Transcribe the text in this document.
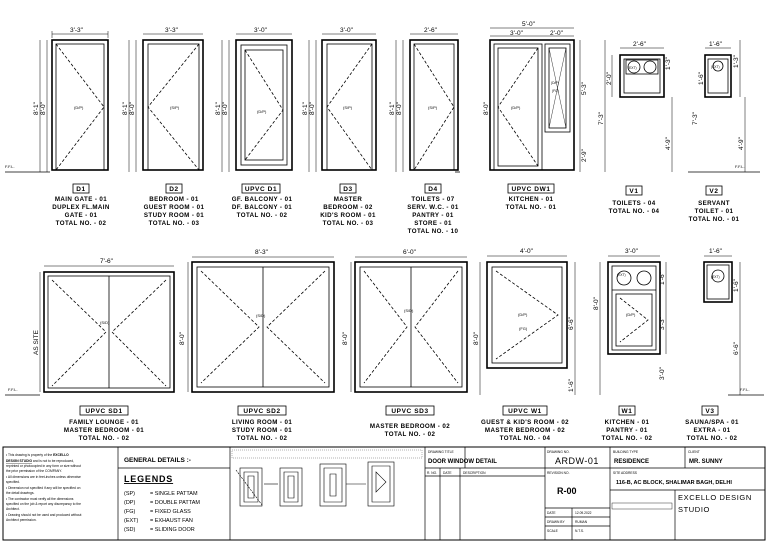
F.F.L.	F.F.L.
3'-3"	3'-3"	3'-0"	3'-0"	2'-6"
5'-0"
3'-0"	2'-0"
2'-6"	1'-6"
8'-0"
8'-1"	8'-0"
8'-1"	8'-0"
8'-1"	8'-0"
8'-1"	8'-0"
8'-1"	8'-0"
5'-3"
2'-9"
2'-0"
7'-3"
1'-3"
4'-9"
1'-6"
1'-3"
4'-9"
7'-3"
(D/P)	(S/P)
(D/P)
(S/P)	(S/P)	(D/P)
(D/P)
(FG)
(EXT)	(EXT)
D1	D2	UPVC D1	D3	D4	UPVC DW1	V1	V2
MAIN GATE - 01
DUPLEX FL.MAIN
GATE - 01
TOTAL NO. - 02
BEDROOM - 01
GUEST ROOM - 01
STUDY ROOM - 01
TOTAL NO. - 03
GF. BALCONY - 01
DF. BALCONY - 01
TOTAL NO. - 02
MASTER
BEDROOM - 02
KID'S ROOM - 01
TOTAL NO. - 03
TOILETS - 07
SERV. W.C. - 01
PANTRY - 01
STORE - 01
TOTAL NO. - 10
KITCHEN - 01
TOTAL NO. - 01
TOILETS - 04
TOTAL NO. - 04
SERVANT
TOILET - 01
TOTAL NO. - 01
F.F.L.	F.F.L.
7'-6"
8'-3"	6'-0"	4'-0"	3'-0"	1'-6"
AS SITE	8'-0"	8'-0"	8'-0"
6'-6"
1'-6"
8'-0"
1'-6"
3'-3"
3'-0"
1'-6"
6'-6"
(S/D)
(S/D)
(S/D)
(D/P)
(FG)
(EXT)
(D/P)
(EXT)
UPVC SD1	UPVC SD2	UPVC SD3	UPVC W1	W1	V3
FAMILY LOUNGE - 01
MASTER BEDROOM - 01
TOTAL NO. - 02
LIVING ROOM - 01
STUDY ROOM - 01
TOTAL NO. - 02
MASTER BEDROOM - 02
TOTAL NO. - 02
GUEST & KID'S ROOM - 02
MASTER BEDROOM - 02
TOTAL NO. - 04
KITCHEN - 01
PANTRY - 01
TOTAL NO. - 02
SAUNA/SPA - 01
EXTRA - 01
TOTAL NO. - 02
• This drawing is property of the EXCELLO
DESIGN STUDIO and is not to be reproduced,
reprinted or photocopied in any form or size without
the prior permission of the COMPANY.
• All dimensions are in feet-inches unless otherwise
specified.
• Dimension not specified if any will be specified on
the detail drawings.
• The contractor must verify all the dimensions
specified on the job & report any discrepancy to the
Architect.
• Drawing should not be used and produced without
Architect permission.
GENERAL DETAILS :-
LEGENDS
(SP)	= SINGLE PATTAM
(DP)	= DOUBLE PATTAM
(FG)	= FIXED GLASS
(EXT) = EXHAUST FAN
(SD)	= SLIDING DOOR
DRAWING TITLE
DOOR WINDOW DETAIL
DRAWING NO.
ARDW-01
R. NO. DATE	DESCRIPTION	REVISION NO.
R-00
DATE	12.09.2022
DRAWN BY	RUMAN
SCALE	N.T.S.
BUILDING TYPE
RESIDENCE
CLIENT
MR. SUNNY
SITE ADDRESS
116-B, AC BLOCK, SHALIMAR BAGH, DELHI
EXCELLO DESIGN
STUDIO
